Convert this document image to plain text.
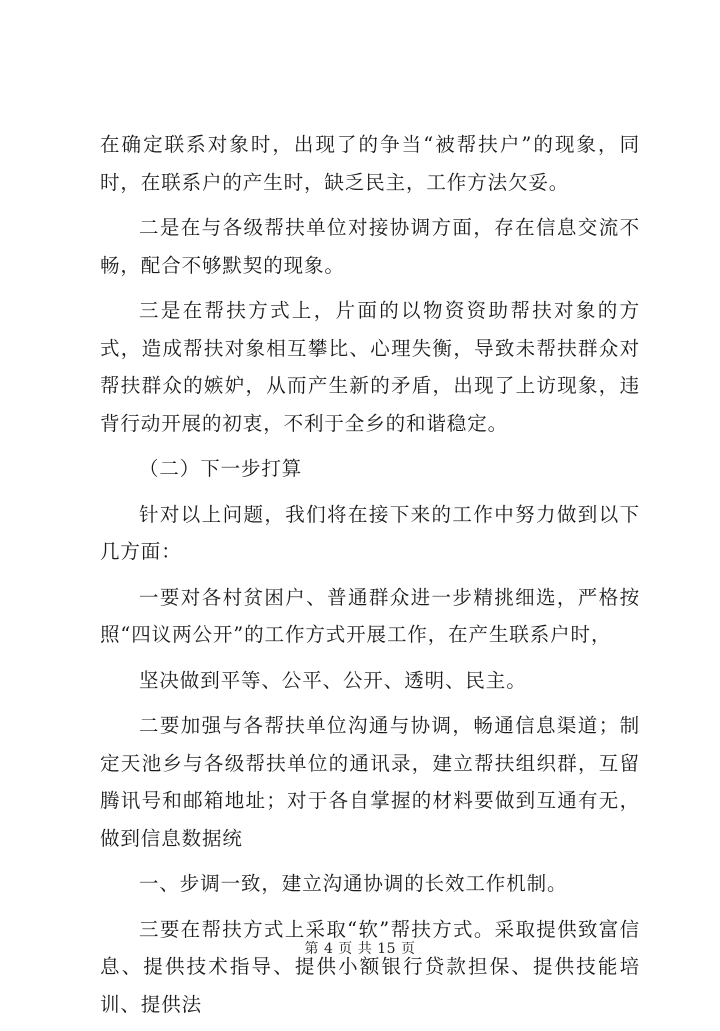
在确定联系对象时，出现了的争当“被帮扶户”的现象，同时，在联系户的产生时，缺乏民主，工作方法欠妥。

二是在与各级帮扶单位对接协调方面，存在信息交流不畅，配合不够默契的现象。

三是在帮扶方式上，片面的以物资资助帮扶对象的方式，造成帮扶对象相互攀比、心理失衡，导致未帮扶群众对帮扶群众的嫉妒，从而产生新的矛盾，出现了上访现象，违背行动开展的初衷，不利于全乡的和谐稳定。

（二）下一步打算

针对以上问题，我们将在接下来的工作中努力做到以下几方面：

一要对各村贫困户、普通群众进一步精挑细选，严格按照“四议两公开”的工作方式开展工作，在产生联系户时，

坚决做到平等、公平、公开、透明、民主。

二要加强与各帮扶单位沟通与协调，畅通信息渠道；制定天池乡与各级帮扶单位的通讯录，建立帮扶组织群，互留腾讯号和邮箱地址；对于各自掌握的材料要做到互通有无，做到信息数据统

一、步调一致，建立沟通协调的长效工作机制。

三要在帮扶方式上采取“软”帮扶方式。采取提供致富信息、提供技术指导、提供小额银行贷款担保、提供技能培训、提供法

第 4 页 共 15 页
